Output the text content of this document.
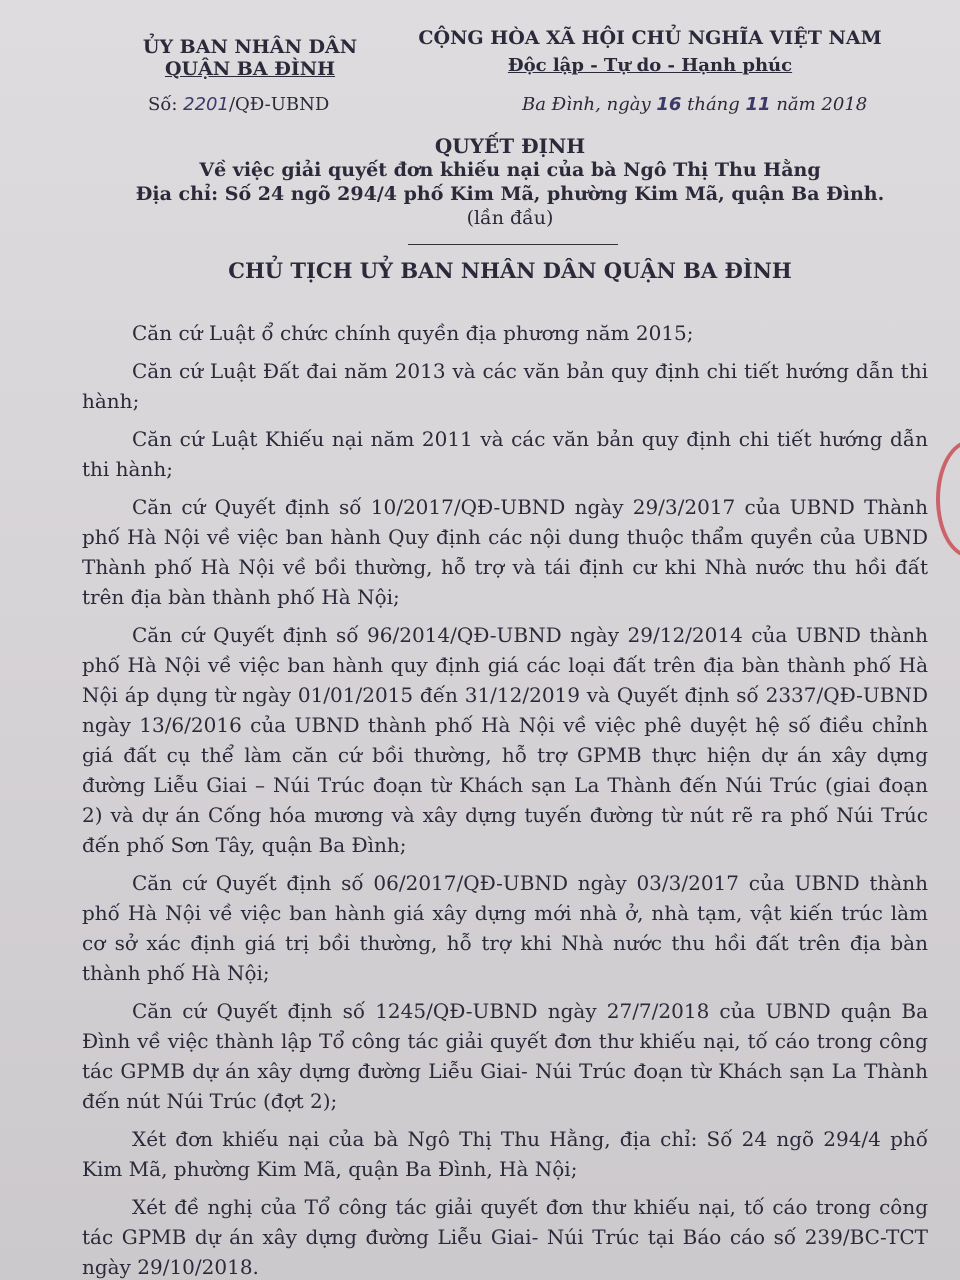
ỦY BAN NHÂN DÂN
QUẬN BA ĐÌNH
CỘNG HÒA XÃ HỘI CHỦ NGHĨA VIỆT NAM
Độc lập - Tự do - Hạnh phúc
Số: 2201/QĐ-UBND	Ba Đình, ngày 16 tháng 11 năm 2018
QUYẾT ĐỊNH
Về việc giải quyết đơn khiếu nại của bà Ngô Thị Thu Hằng
Địa chỉ: Số 24 ngõ 294/4 phố Kim Mã, phường Kim Mã, quận Ba Đình.
(lần đầu)
CHỦ TỊCH UỶ BAN NHÂN DÂN QUẬN BA ĐÌNH

Căn cứ Luật ổ chức chính quyền địa phương năm 2015;

Căn cứ Luật Đất đai năm 2013 và các văn bản quy định chi tiết hướng dẫn thi hành;

Căn cứ Luật Khiếu nại năm 2011 và các văn bản quy định chi tiết hướng dẫn thi hành;

Căn cứ Quyết định số 10/2017/QĐ-UBND ngày 29/3/2017 của UBND Thành phố Hà Nội về việc ban hành Quy định các nội dung thuộc thẩm quyền của UBND Thành phố Hà Nội về bồi thường, hỗ trợ và tái định cư khi Nhà nước thu hồi đất trên địa bàn thành phố Hà Nội;

Căn cứ Quyết định số 96/2014/QĐ-UBND ngày 29/12/2014 của UBND thành phố Hà Nội về việc ban hành quy định giá các loại đất trên địa bàn thành phố Hà Nội áp dụng từ ngày 01/01/2015 đến 31/12/2019 và Quyết định số 2337/QĐ-UBND ngày 13/6/2016 của UBND thành phố Hà Nội về việc phê duyệt hệ số điều chỉnh giá đất cụ thể làm căn cứ bồi thường, hỗ trợ GPMB thực hiện dự án xây dựng đường Liễu Giai – Núi Trúc đoạn từ Khách sạn La Thành đến Núi Trúc (giai đoạn 2) và dự án Cống hóa mương và xây dựng tuyến đường từ nút rẽ ra phố Núi Trúc đến phố Sơn Tây, quận Ba Đình;

Căn cứ Quyết định số 06/2017/QĐ-UBND ngày 03/3/2017 của UBND thành phố Hà Nội về việc ban hành giá xây dựng mới nhà ở, nhà tạm, vật kiến trúc làm cơ sở xác định giá trị bồi thường, hỗ trợ khi Nhà nước thu hồi đất trên địa bàn thành phố Hà Nội;

Căn cứ Quyết định số 1245/QĐ-UBND ngày 27/7/2018 của UBND quận Ba Đình về việc thành lập Tổ công tác giải quyết đơn thư khiếu nại, tố cáo trong công tác GPMB dự án xây dựng đường Liễu Giai- Núi Trúc đoạn từ Khách sạn La Thành đến nút Núi Trúc (đợt 2);

Xét đơn khiếu nại của bà Ngô Thị Thu Hằng, địa chỉ: Số 24 ngõ 294/4 phố Kim Mã, phường Kim Mã, quận Ba Đình, Hà Nội;

Xét đề nghị của Tổ công tác giải quyết đơn thư khiếu nại, tố cáo trong công tác GPMB dự án xây dựng đường Liễu Giai- Núi Trúc tại Báo cáo số 239/BC-TCT ngày 29/10/2018.
